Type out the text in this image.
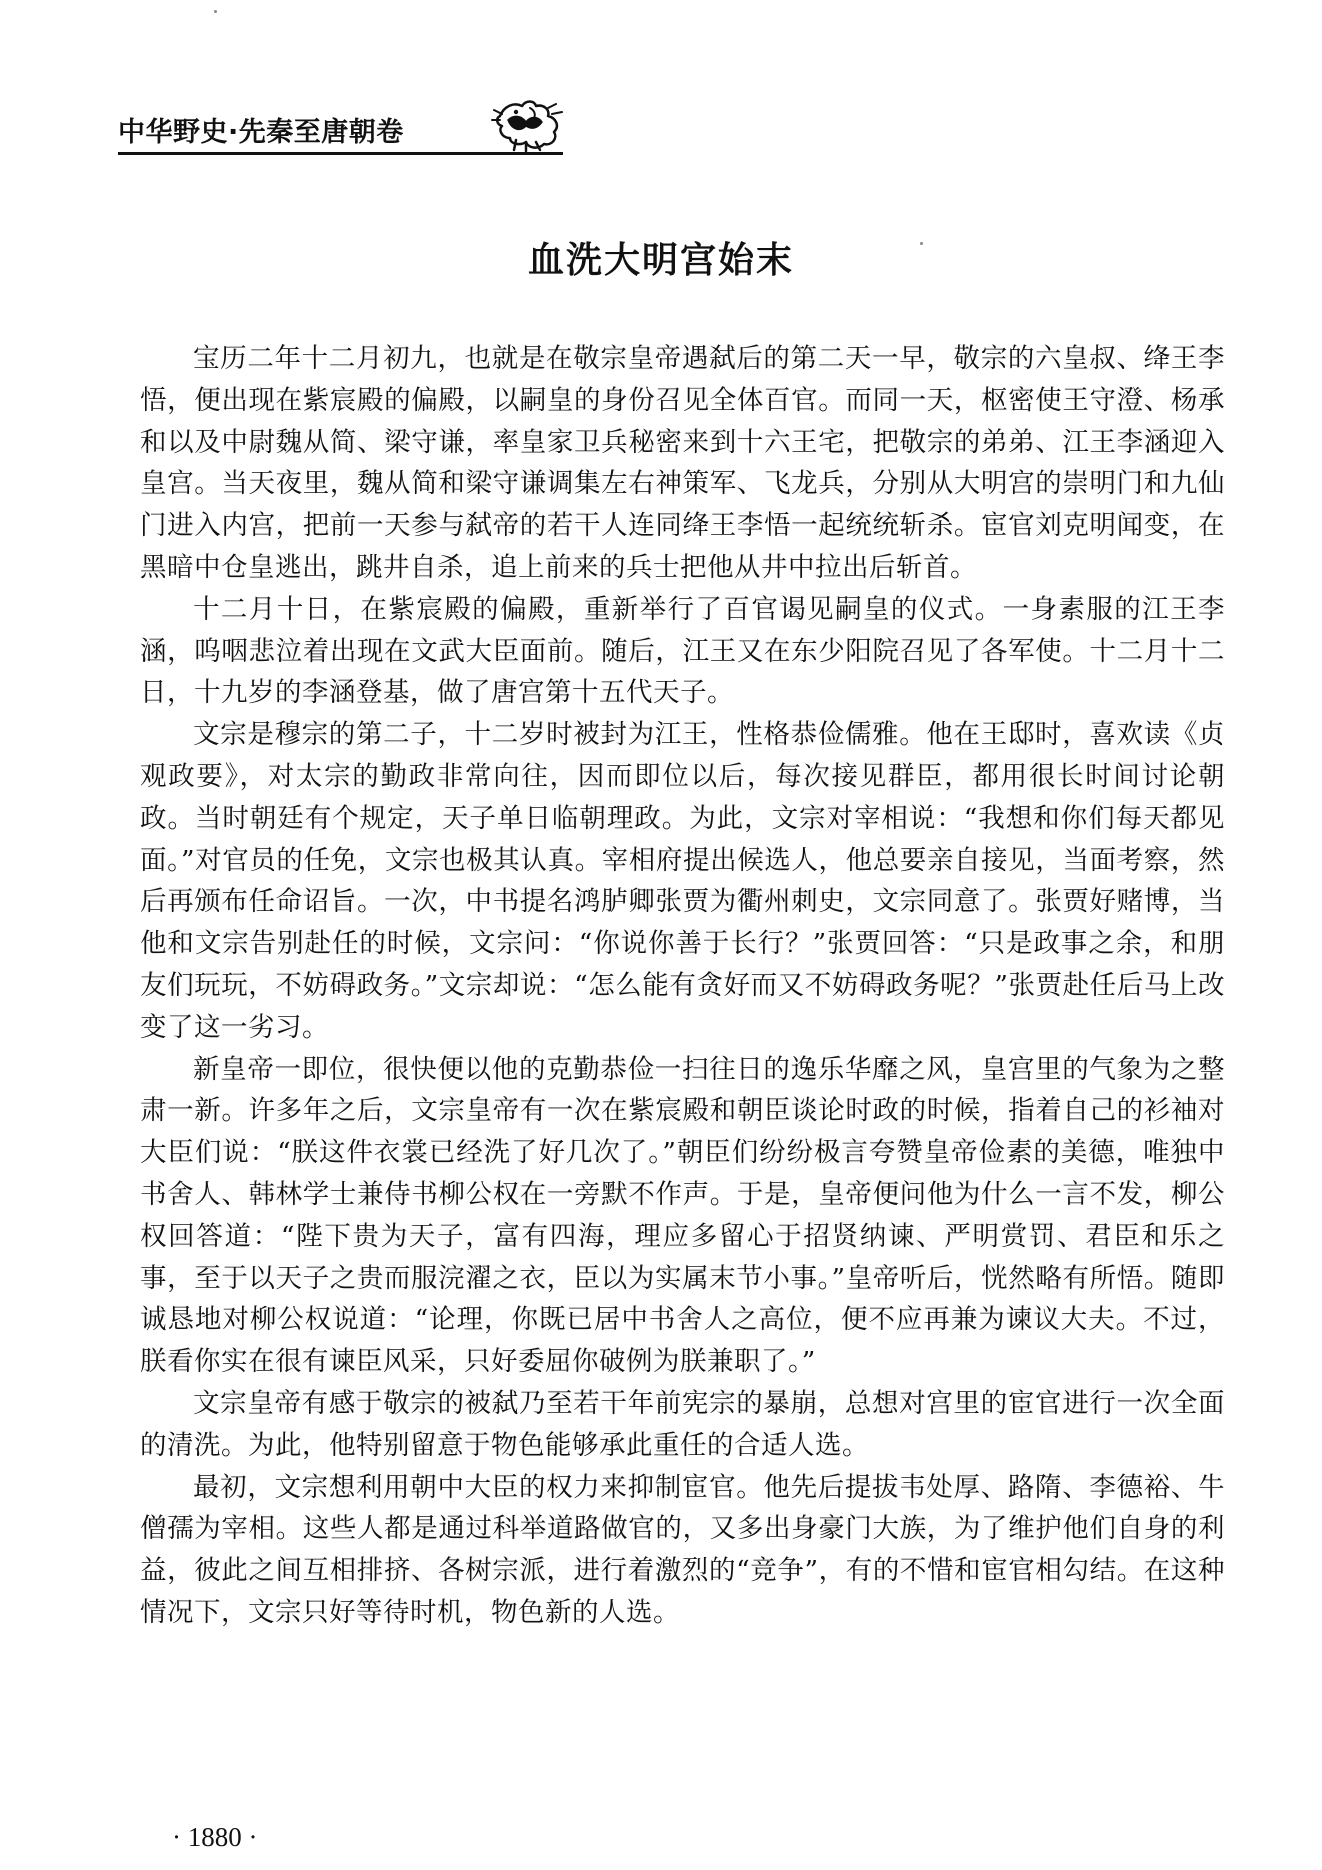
中华野史·先秦至唐朝卷
血洗大明宫始末

宝历二年十二月初九，也就是在敬宗皇帝遇弑后的第二天一早，敬宗的六皇叔、绛王李悟，便出现在紫宸殿的偏殿，以嗣皇的身份召见全体百官。而同一天，枢密使王守澄、杨承和以及中尉魏从简、梁守谦，率皇家卫兵秘密来到十六王宅，把敬宗的弟弟、江王李涵迎入皇宫。当天夜里，魏从简和梁守谦调集左右神策军、飞龙兵，分别从大明宫的崇明门和九仙门进入内宫，把前一天参与弑帝的若干人连同绛王李悟一起统统斩杀。宦官刘克明闻变，在黑暗中仓皇逃出，跳井自杀，追上前来的兵士把他从井中拉出后斩首。

十二月十日，在紫宸殿的偏殿，重新举行了百官谒见嗣皇的仪式。一身素服的江王李涵，呜咽悲泣着出现在文武大臣面前。随后，江王又在东少阳院召见了各军使。十二月十二日，十九岁的李涵登基，做了唐宫第十五代天子。

文宗是穆宗的第二子，十二岁时被封为江王，性格恭俭儒雅。他在王邸时，喜欢读《贞观政要》，对太宗的勤政非常向往，因而即位以后，每次接见群臣，都用很长时间讨论朝政。当时朝廷有个规定，天子单日临朝理政。为此，文宗对宰相说：“我想和你们每天都见面。”对官员的任免，文宗也极其认真。宰相府提出候选人，他总要亲自接见，当面考察，然后再颁布任命诏旨。一次，中书提名鸿胪卿张贾为衢州刺史，文宗同意了。张贾好赌博，当他和文宗告别赴任的时候，文宗问：“你说你善于长行？”张贾回答：“只是政事之余，和朋友们玩玩，不妨碍政务。”文宗却说：“怎么能有贪好而又不妨碍政务呢？”张贾赴任后马上改变了这一劣习。

新皇帝一即位，很快便以他的克勤恭俭一扫往日的逸乐华靡之风，皇宫里的气象为之整肃一新。许多年之后，文宗皇帝有一次在紫宸殿和朝臣谈论时政的时候，指着自己的衫袖对大臣们说：“朕这件衣裳已经洗了好几次了。”朝臣们纷纷极言夸赞皇帝俭素的美德，唯独中书舍人、韩林学士兼侍书柳公权在一旁默不作声。于是，皇帝便问他为什么一言不发，柳公权回答道：“陛下贵为天子，富有四海，理应多留心于招贤纳谏、严明赏罚、君臣和乐之事，至于以天子之贵而服浣濯之衣，臣以为实属末节小事。”皇帝听后，恍然略有所悟。随即诚恳地对柳公权说道：“论理，你既已居中书舍人之高位，便不应再兼为谏议大夫。不过，朕看你实在很有谏臣风采，只好委屈你破例为朕兼职了。”

文宗皇帝有感于敬宗的被弑乃至若干年前宪宗的暴崩，总想对宫里的宦官进行一次全面的清洗。为此，他特别留意于物色能够承此重任的合适人选。

最初，文宗想利用朝中大臣的权力来抑制宦官。他先后提拔韦处厚、路隋、李德裕、牛僧孺为宰相。这些人都是通过科举道路做官的，又多出身豪门大族，为了维护他们自身的利益，彼此之间互相排挤、各树宗派，进行着激烈的“竞争”，有的不惜和宦官相勾结。在这种情况下，文宗只好等待时机，物色新的人选。

· 1880 ·
